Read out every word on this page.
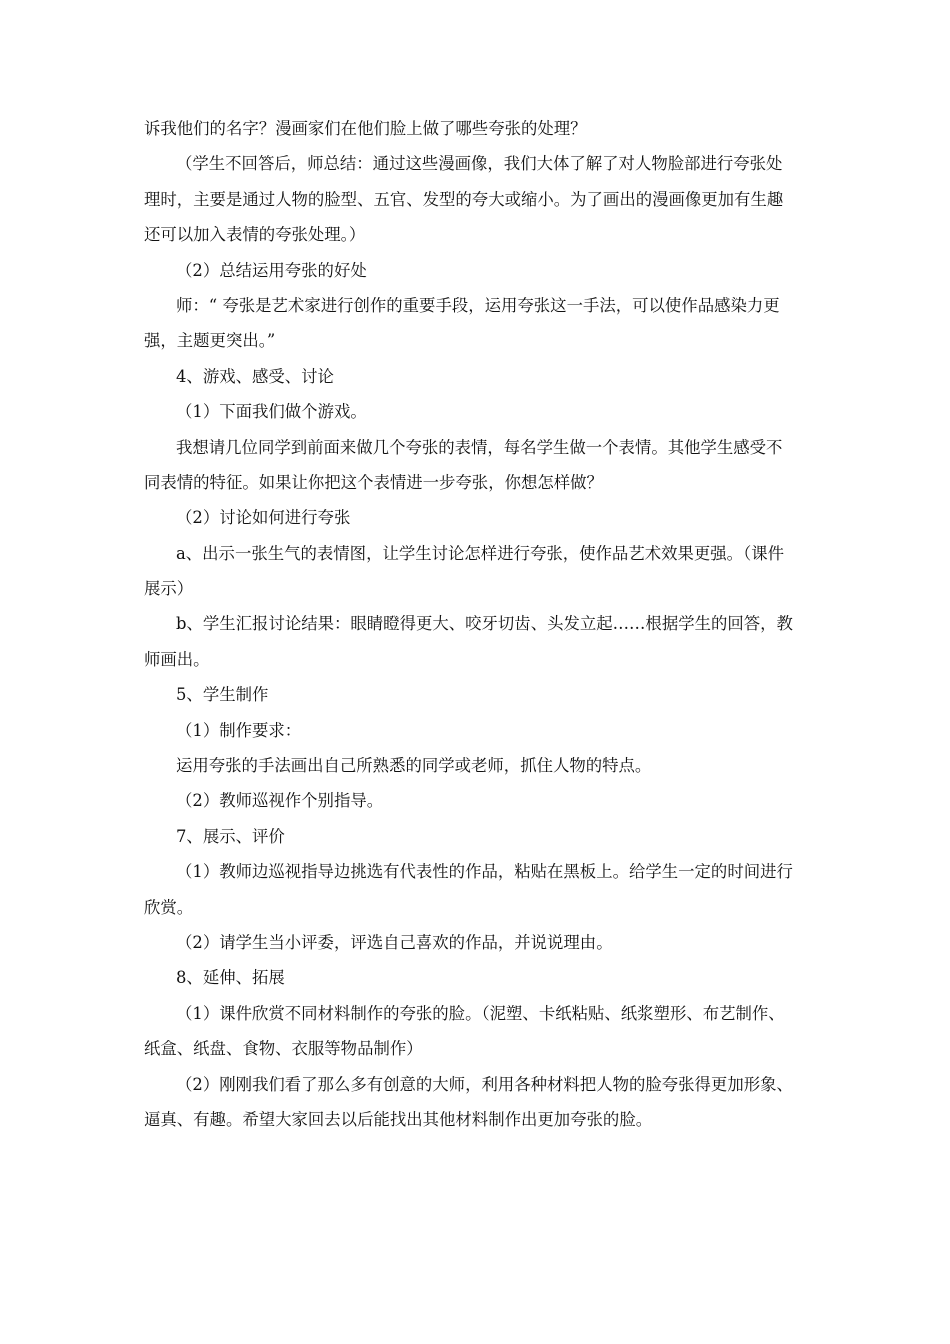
诉我他们的名字？漫画家们在他们脸上做了哪些夸张的处理？
（学生不回答后，师总结：通过这些漫画像，我们大体了解了对人物脸部进行夸张处
理时，主要是通过人物的脸型、五官、发型的夸大或缩小。为了画出的漫画像更加有生趣
还可以加入表情的夸张处理。）
（2）总结运用夸张的好处
师：“ 夸张是艺术家进行创作的重要手段，运用夸张这一手法，可以使作品感染力更
强，主题更突出。”
4、游戏、感受、讨论
（1）下面我们做个游戏。
我想请几位同学到前面来做几个夸张的表情，每名学生做一个表情。其他学生感受不
同表情的特征。如果让你把这个表情进一步夸张，你想怎样做？
（2）讨论如何进行夸张
a、出示一张生气的表情图，让学生讨论怎样进行夸张，使作品艺术效果更强。（课件
展示）
b、学生汇报讨论结果：眼睛瞪得更大、咬牙切齿、头发立起……根据学生的回答，教
师画出。
5、学生制作
（1）制作要求：
运用夸张的手法画出自己所熟悉的同学或老师，抓住人物的特点。
（2）教师巡视作个别指导。
7、展示、评价
（1）教师边巡视指导边挑选有代表性的作品，粘贴在黑板上。给学生一定的时间进行
欣赏。
（2）请学生当小评委，评选自己喜欢的作品，并说说理由。
8、延伸、拓展
（1）课件欣赏不同材料制作的夸张的脸。（泥塑、卡纸粘贴、纸浆塑形、布艺制作、
纸盒、纸盘、食物、衣服等物品制作）
（2）刚刚我们看了那么多有创意的大师，利用各种材料把人物的脸夸张得更加形象、
逼真、有趣。希望大家回去以后能找出其他材料制作出更加夸张的脸。
